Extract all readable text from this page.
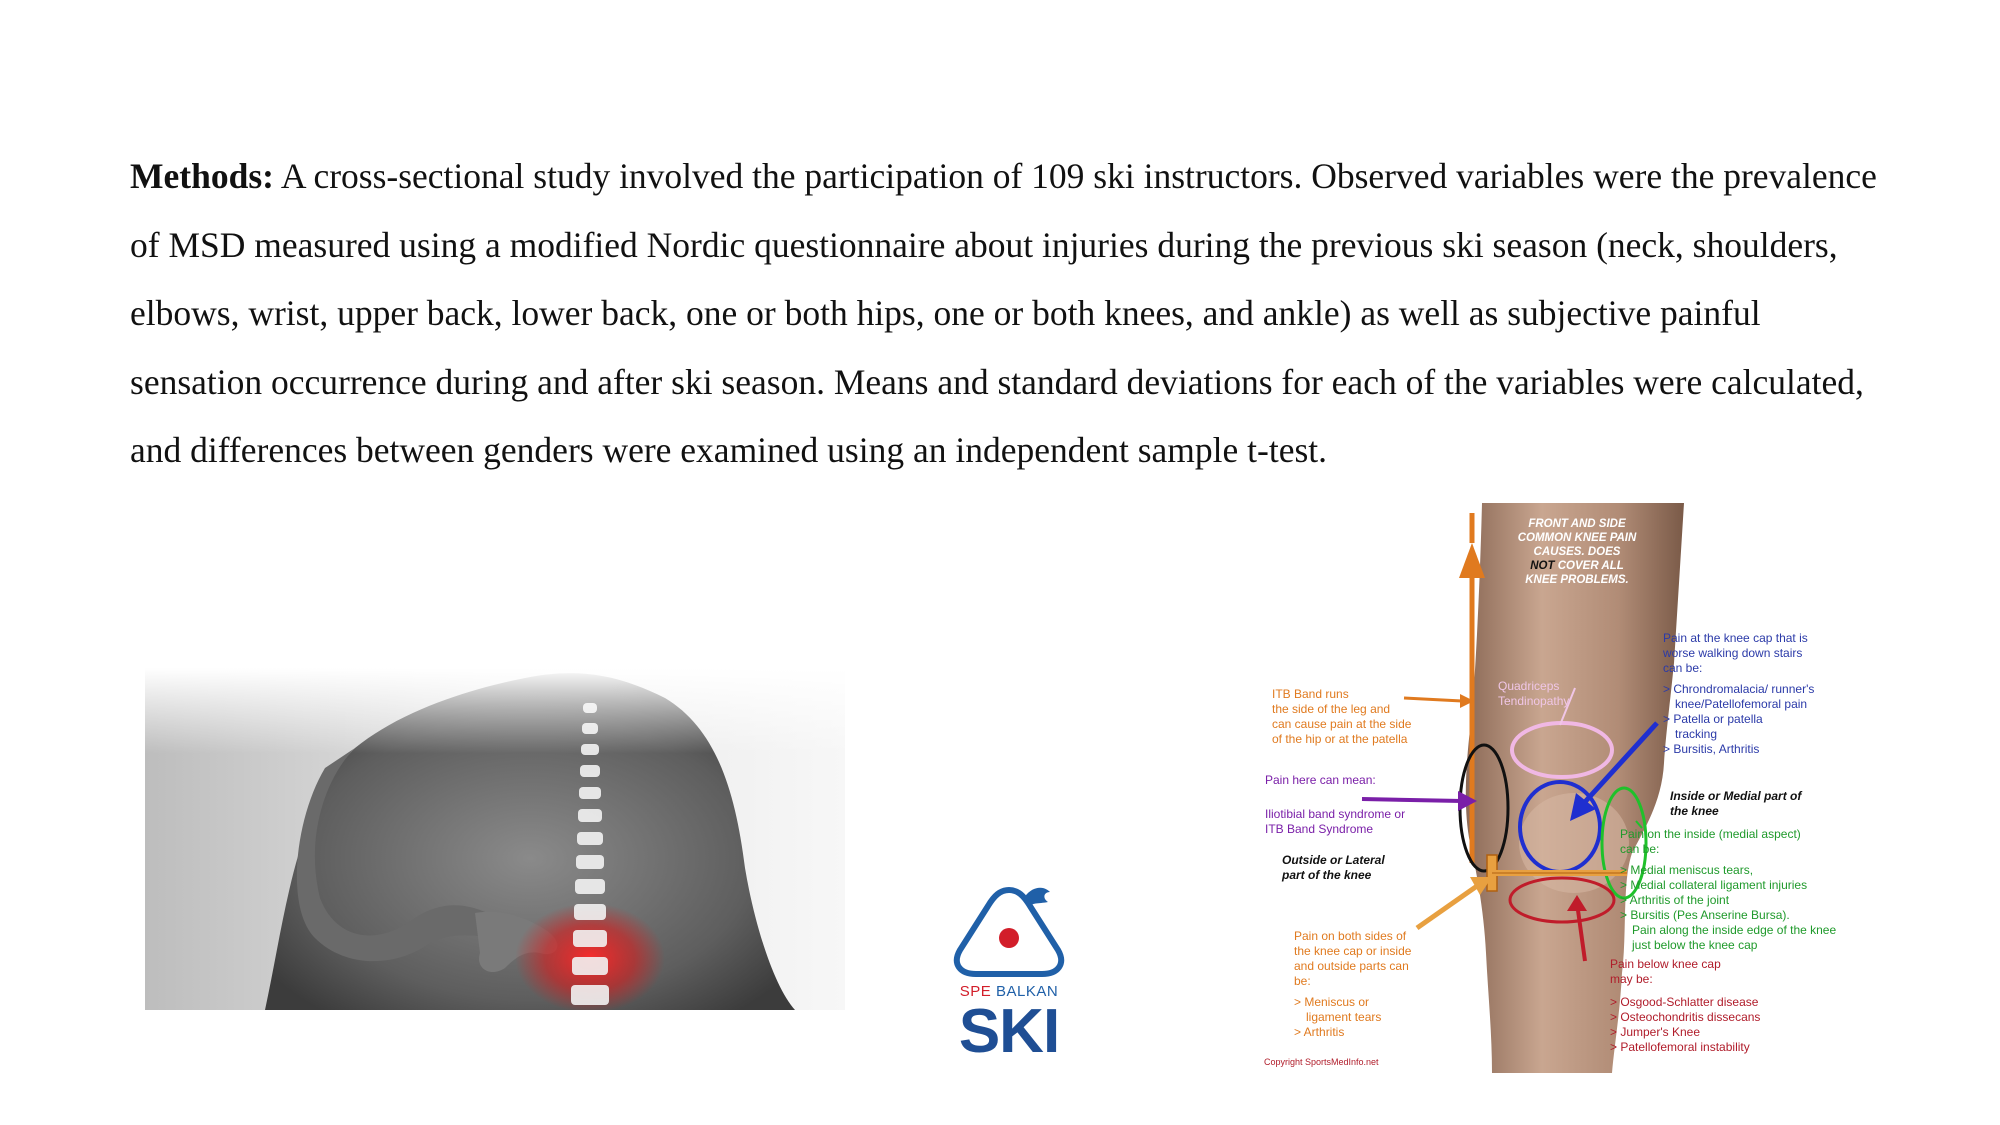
Methods: A cross-sectional study involved the participation of 109 ski instructors. Observed variables were the prevalence of MSD measured using a modified Nordic questionnaire about injuries during the previous ski season (neck, shoulders, elbows, wrist, upper back, lower back, one or both hips, one or both knees, and ankle) as well as subjective painful sensation occurrence during and after ski season. Means and standard deviations for each of the variables were calculated, and differences between genders were examined using an independent sample t-test.

SPE BALKAN
SKI
FRONT AND SIDE
COMMON KNEE PAIN
CAUSES. DOES
NOT COVER ALL
KNEE PROBLEMS.
Quadriceps
Tendinopathy
ITB Band runs
the side of the leg and
can cause pain at the side
of the hip or at the patella
Pain here can mean:
Iliotibial band syndrome or
ITB Band Syndrome
Outside or Lateral
part of the knee
Pain on both sides of
the knee cap or inside
and outside parts can
be:
> Meniscus or
ligament tears
> Arthritis
Copyright SportsMedInfo.net
Pain at the knee cap that is
worse walking down stairs
can be:
> Chrondromalacia/ runner's
knee/Patellofemoral pain
> Patella or patella
tracking
> Bursitis, Arthritis
Inside or Medial part of
the knee
Pain on the inside (medial aspect)
can be:
> Medial meniscus tears,
> Medial collateral ligament injuries
> Arthritis of the joint
> Bursitis (Pes Anserine Bursa).
Pain along the inside edge of the knee
just below the knee cap
Pain below knee cap
may be:
> Osgood-Schlatter disease
> Osteochondritis dissecans
> Jumper's Knee
> Patellofemoral instability
